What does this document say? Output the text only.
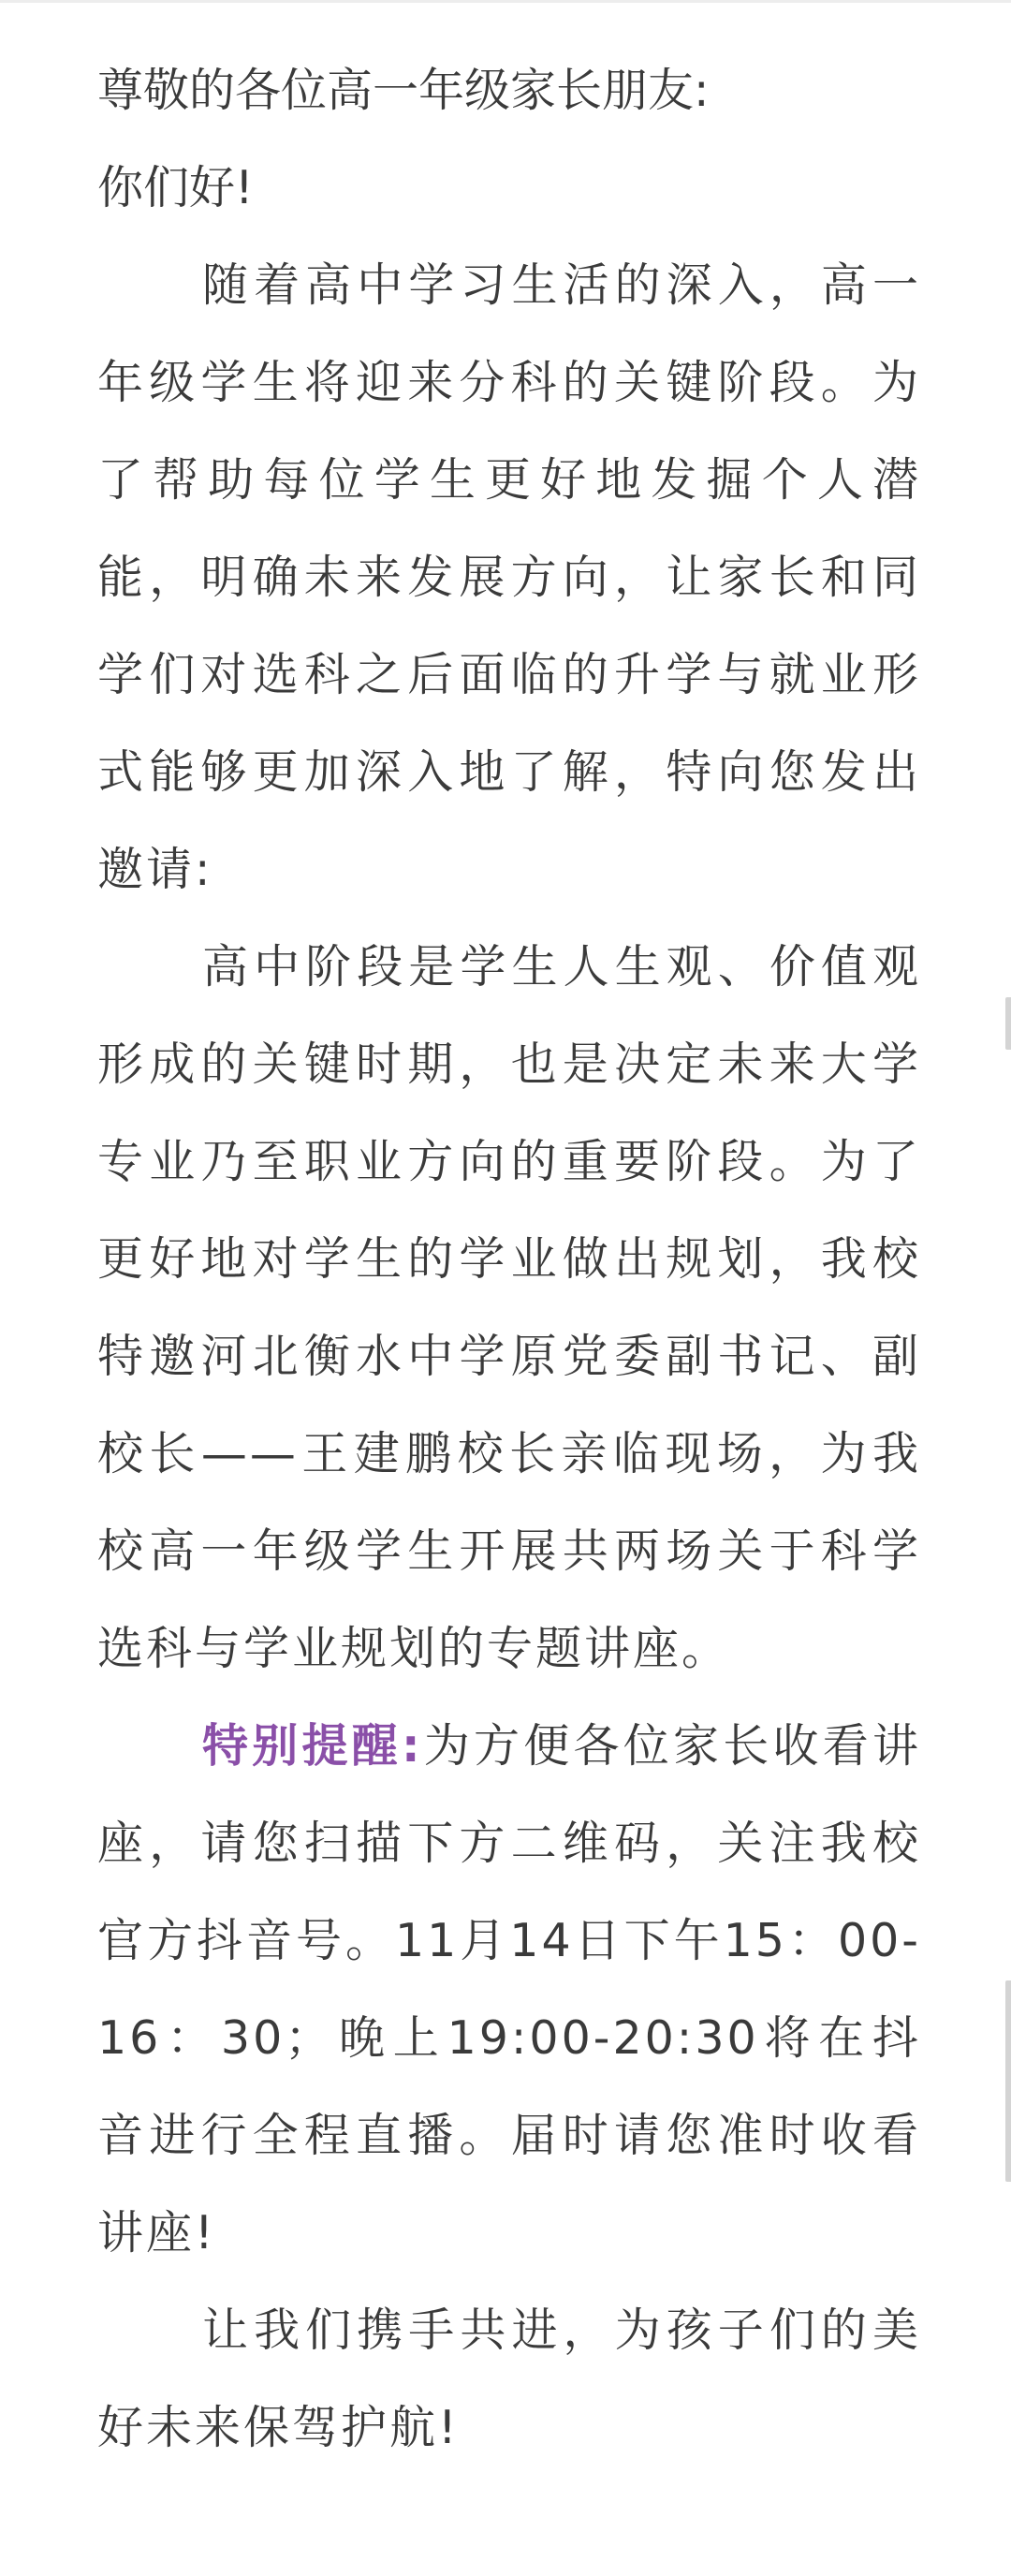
尊敬的各位高一年级家长朋友:

你们好!

随着高中学习生活的深入，高一年级学生将迎来分科的关键阶段。为了帮助每位学生更好地发掘个人潜能，明确未来发展方向，让家长和同学们对选科之后面临的升学与就业形式能够更加深入地了解，特向您发出邀请:

高中阶段是学生人生观、价值观形成的关键时期，也是决定未来大学专业乃至职业方向的重要阶段。为了更好地对学生的学业做出规划，我校特邀河北衡水中学原党委副书记、副校长——王建鹏校长亲临现场，为我校高一年级学生开展共两场关于科学选科与学业规划的专题讲座。

特别提醒:为方便各位家长收看讲座，请您扫描下方二维码，关注我校官方抖音号。11月14日下午15：00-16：30；晚上19:00-20:30将在抖音进行全程直播。届时请您准时收看讲座!

让我们携手共进，为孩子们的美好未来保驾护航!
